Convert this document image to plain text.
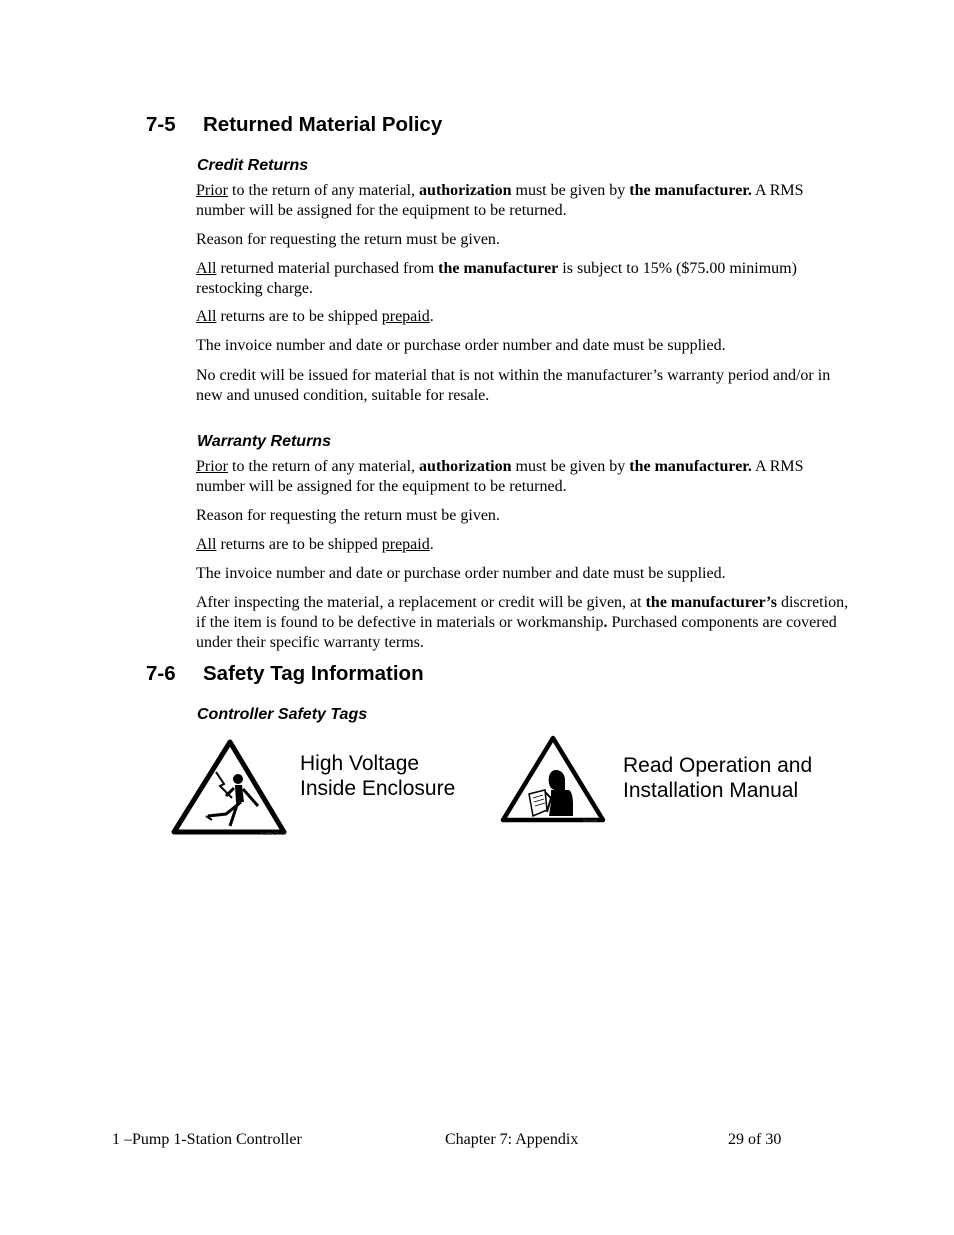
7-5 Returned Material Policy
Credit Returns
Prior to the return of any material, authorization must be given by the manufacturer. A RMS number will be assigned for the equipment to be returned.
Reason for requesting the return must be given.
All returned material purchased from the manufacturer is subject to 15% ($75.00 minimum) restocking charge.
All returns are to be shipped prepaid.
The invoice number and date or purchase order number and date must be supplied.
No credit will be issued for material that is not within the manufacturer’s warranty period and/or in new and unused condition, suitable for resale.
Warranty Returns
Prior to the return of any material, authorization must be given by the manufacturer. A RMS number will be assigned for the equipment to be returned.
Reason for requesting the return must be given.
All returns are to be shipped prepaid.
The invoice number and date or purchase order number and date must be supplied.
After inspecting the material, a replacement or credit will be given, at the manufacturer’s discretion, if the item is found to be defective in materials or workmanship. Purchased components are covered under their specific warranty terms.
7-6 Safety Tag Information
Controller Safety Tags
©1990 CF / LM
High Voltage
Inside Enclosure
ISO-026
Read Operation and
Installation Manual
1 –Pump 1-Station Controller	Chapter 7: Appendix	29 of 30
